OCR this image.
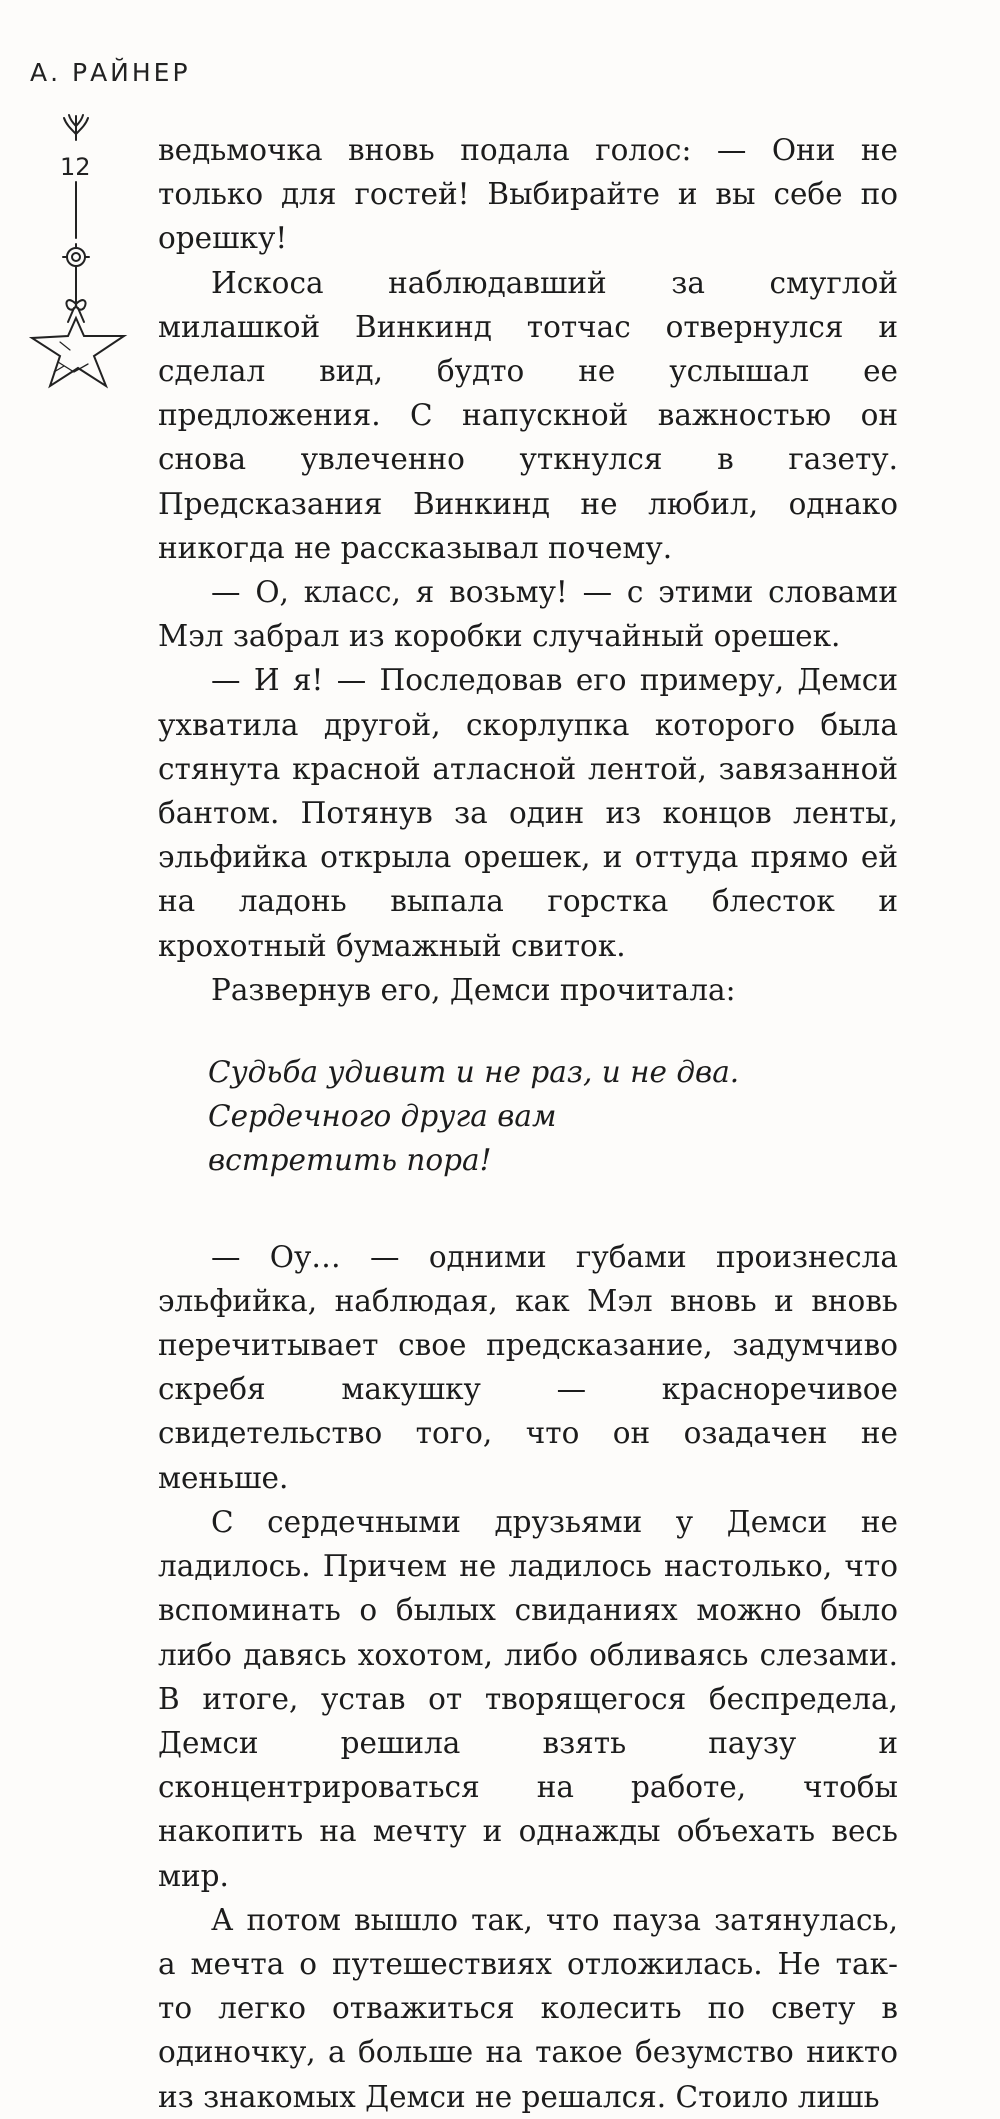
А. РАЙНЕР
12 ведьмочка вновь подала голос: — Они не только для гостей! Выбирайте и вы себе по орешку!

Искоса наблюдавший за смуглой милашкой Винкинд тотчас отвернулся и сделал вид, будто не услышал ее предложения. С напускной важностью он снова увлеченно уткнулся в газету. Предсказания Винкинд не любил, однако никогда не рассказывал почему.

— О, класс, я возьму! — с этими словами Мэл забрал из коробки случайный орешек.

— И я! — Последовав его примеру, Демси ухватила другой, скорлупка которого была стянута красной атласной лентой, завязанной бантом. Потянув за один из концов ленты, эльфийка открыла орешек, и оттуда прямо ей на ладонь выпала горстка блесток и крохотный бумажный свиток.

Развернув его, Демси прочитала:

Судьба удивит и не раз, и не два. Сердечного друга вам
встретить пора!

— Оу… — одними губами произнесла эльфийка, наблюдая, как Мэл вновь и вновь перечитывает свое предсказание, задумчиво скребя макушку — красноречивое свидетельство того, что он озадачен не меньше.

С сердечными друзьями у Демси не ладилось. Причем не ладилось настолько, что вспоминать о былых свиданиях можно было либо давясь хохотом, либо обливаясь слезами. В итоге, устав от творящегося беспредела, Демси решила взять паузу и сконцентрироваться на работе, чтобы накопить на мечту и однажды объехать весь мир.

А потом вышло так, что пауза затянулась, а мечта о путешествиях отложилась. Не так-то легко отважиться колесить по свету в одиночку, а больше на такое безумство никто из знакомых Демси не решался. Стоило лишь
